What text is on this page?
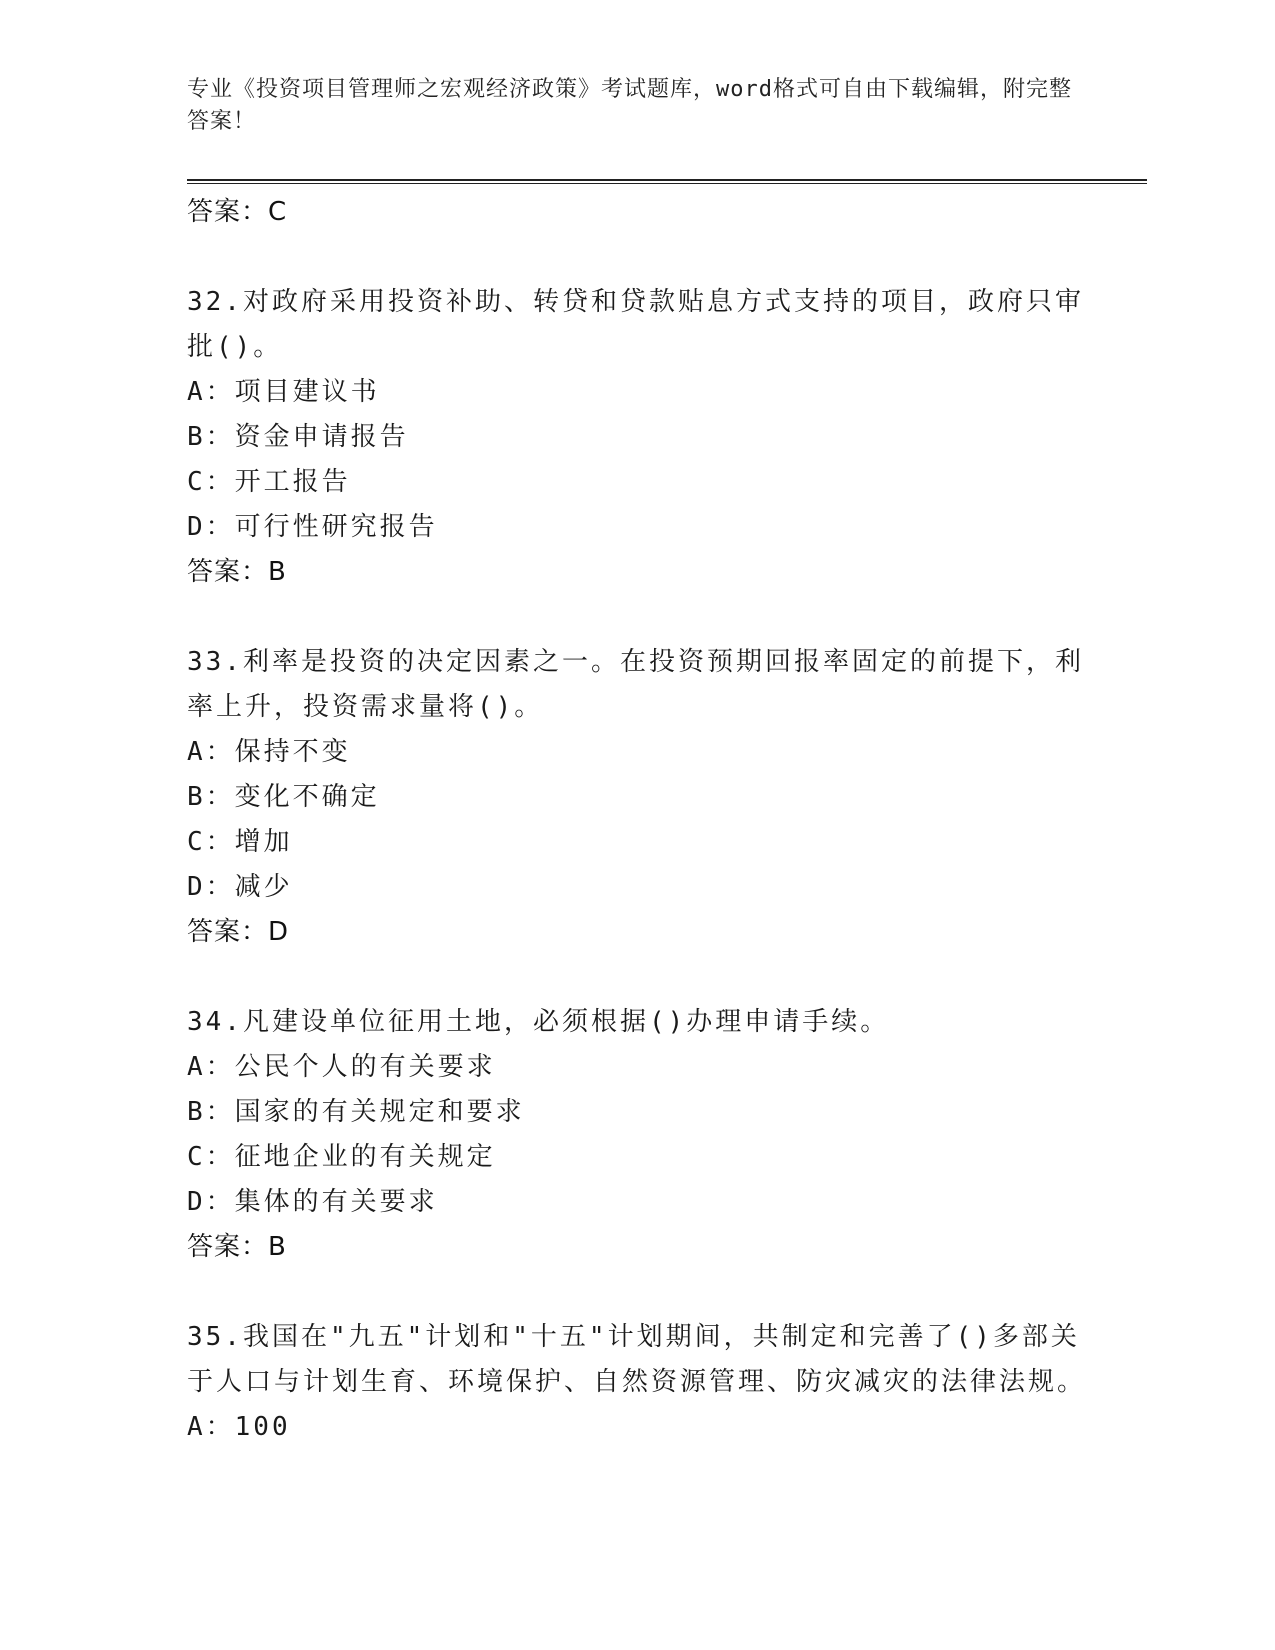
专业《投资项目管理师之宏观经济政策》考试题库，word格式可自由下载编辑，附完整答案！

答案：C

32.对政府采用投资补助、转贷和贷款贴息方式支持的项目，政府只审批()。

A：项目建议书

B：资金申请报告

C：开工报告

D：可行性研究报告

答案：B

33.利率是投资的决定因素之一。在投资预期回报率固定的前提下，利率上升，投资需求量将()。

A：保持不变

B：变化不确定

C：增加

D：减少

答案：D

34.凡建设单位征用土地，必须根据()办理申请手续。

A：公民个人的有关要求

B：国家的有关规定和要求

C：征地企业的有关规定

D：集体的有关要求

答案：B

35.我国在"九五"计划和"十五"计划期间，共制定和完善了()多部关于人口与计划生育、环境保护、自然资源管理、防灾减灾的法律法规。

A：100
